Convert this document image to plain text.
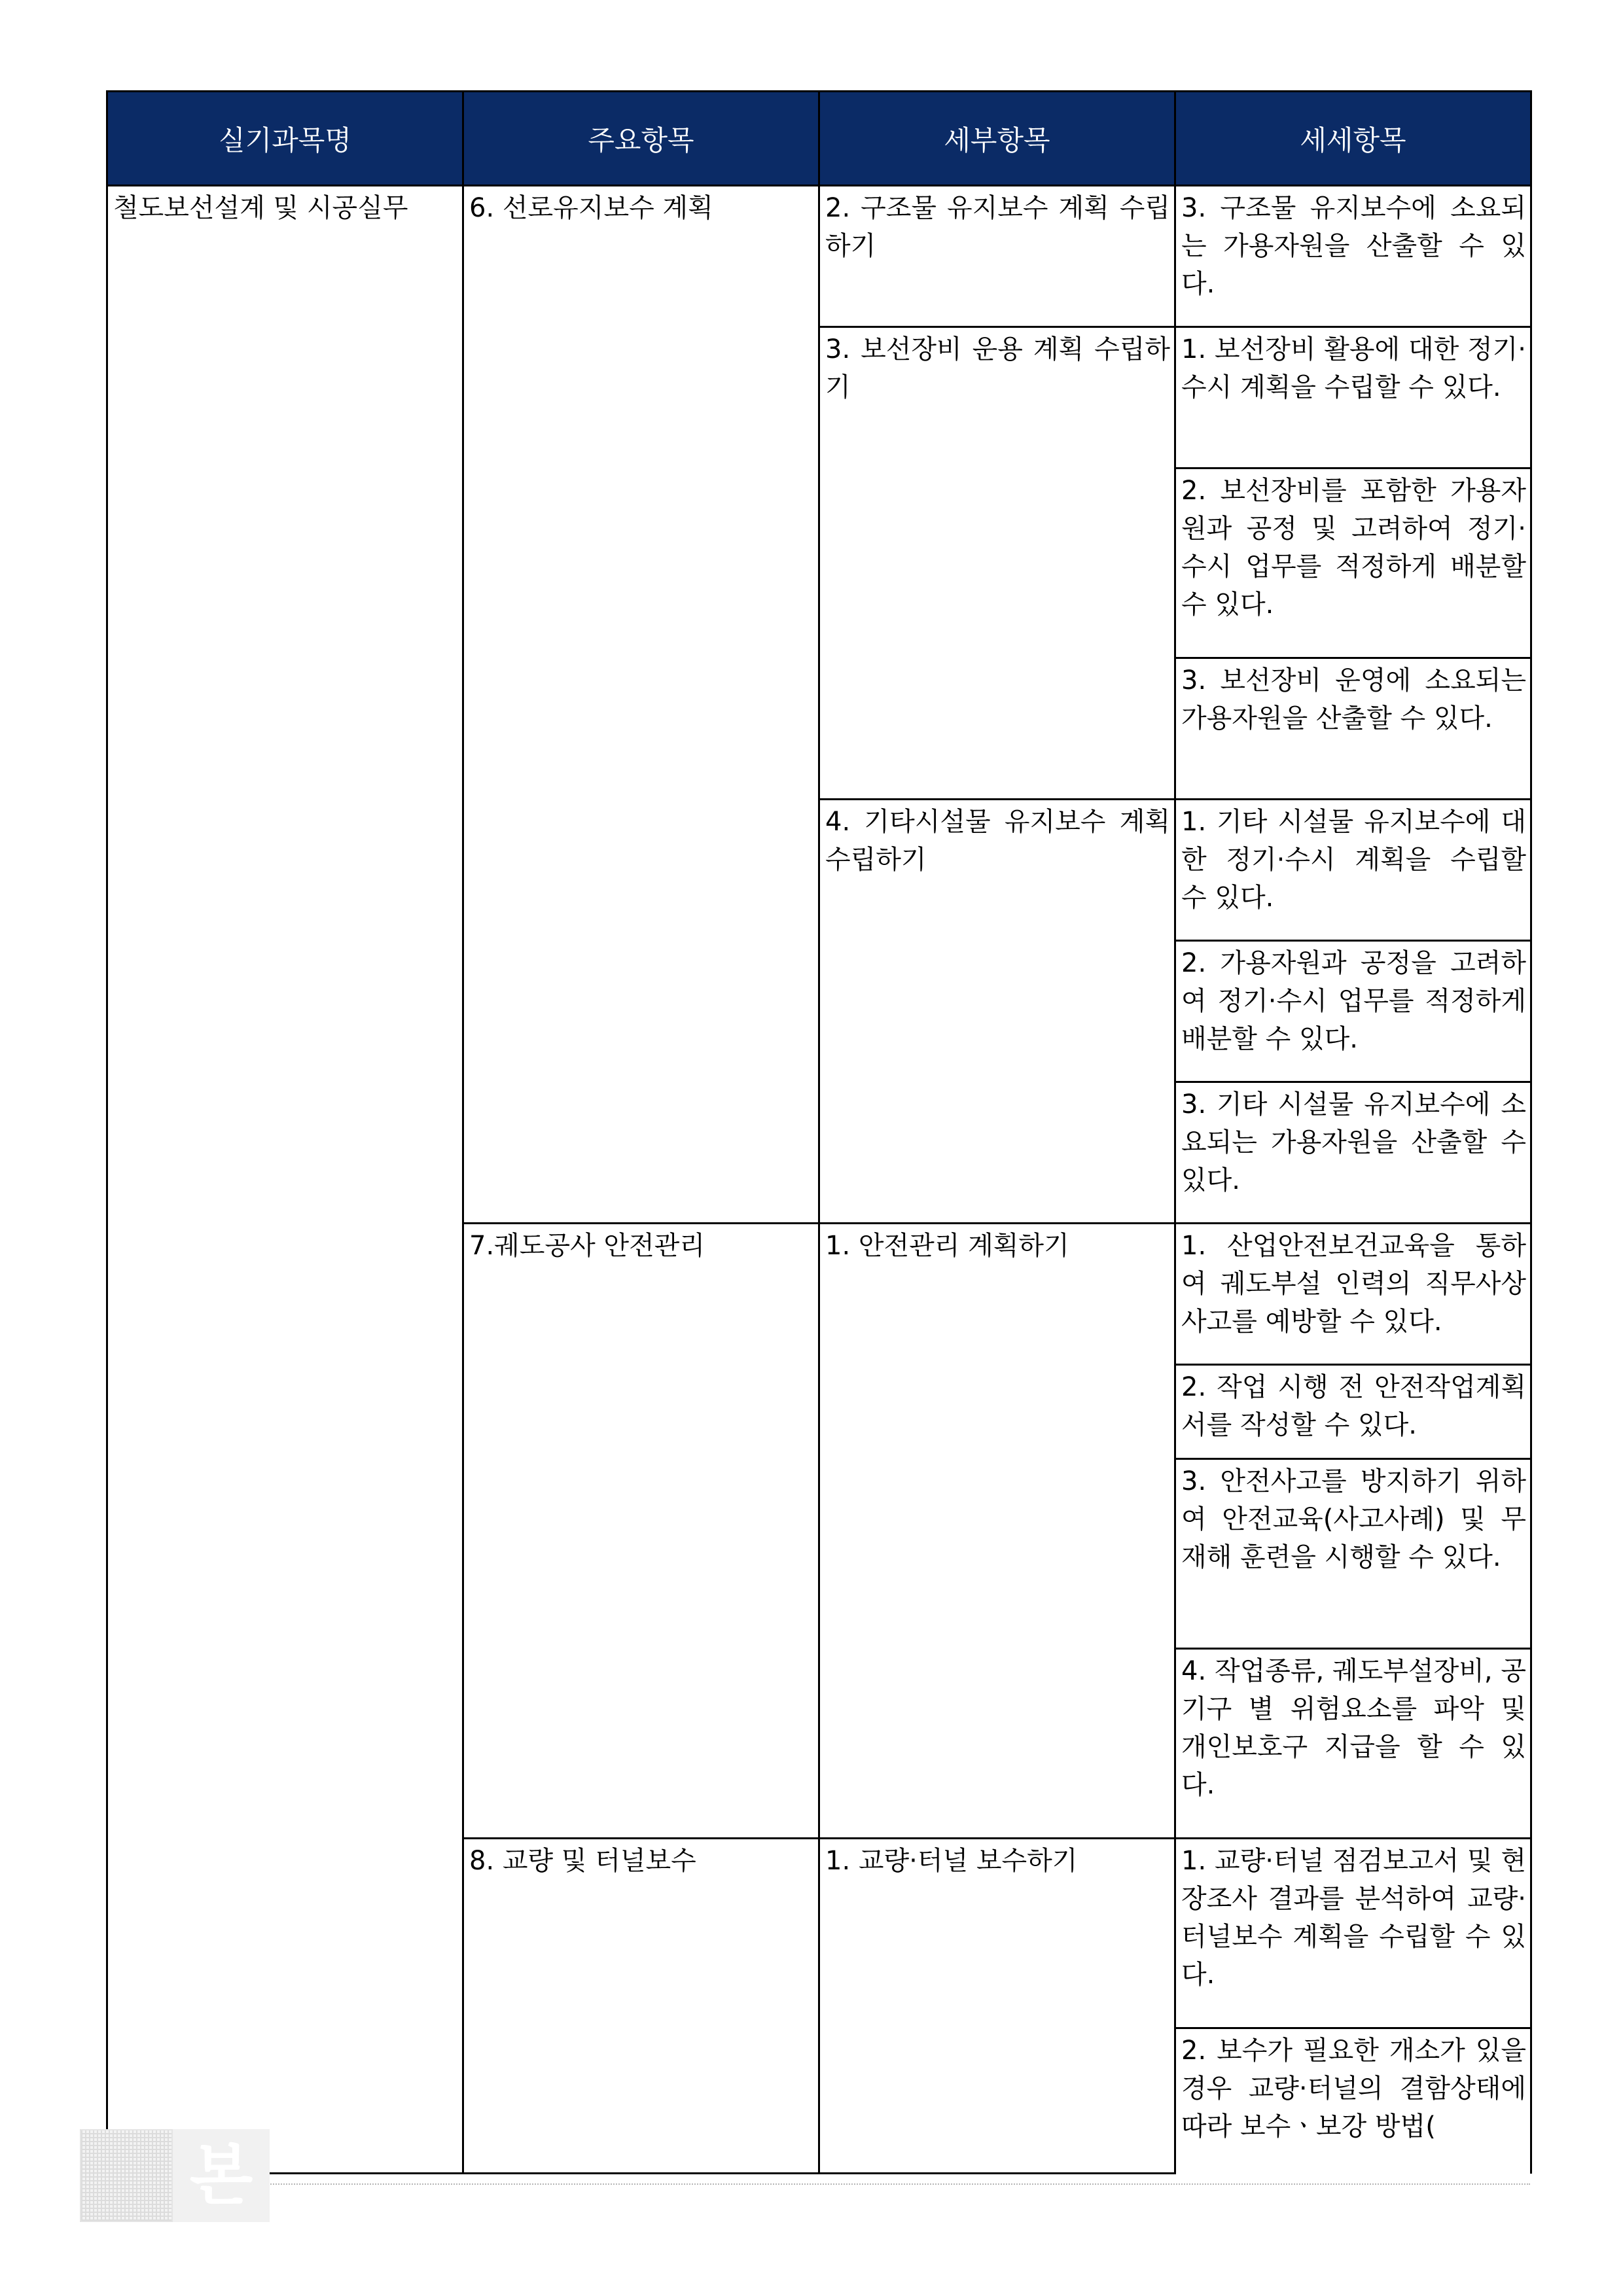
실기과목명	주요항목	세부항목	세세항목
철도보선설계 및 시공실무	6. 선로유지보수 계획	2. 구조물 유지보수 계획 수립하기	3. 구조물 유지보수에 소요되는 가용자원을 산출할 수 있다.
		3. 보선장비 운용 계획 수립하기	1. 보선장비 활용에 대한 정기·수시 계획을 수립할 수 있다.
			2. 보선장비를 포함한 가용자원과 공정 및 고려하여 정기·수시 업무를 적정하게 배분할 수 있다.
			3. 보선장비 운영에 소요되는 가용자원을 산출할 수 있다.
		4. 기타시설물 유지보수 계획 수립하기	1. 기타 시설물 유지보수에 대한 정기·수시 계획을 수립할 수 있다.
			2. 가용자원과 공정을 고려하여 정기·수시 업무를 적정하게 배분할 수 있다.
			3. 기타 시설물 유지보수에 소요되는 가용자원을 산출할 수 있다.
	7.궤도공사 안전관리	1. 안전관리 계획하기	1. 산업안전보건교육을 통하여 궤도부설 인력의 직무사상 사고를 예방할 수 있다.
			2. 작업 시행 전 안전작업계획서를 작성할 수 있다.
			3. 안전사고를 방지하기 위하여 안전교육(사고사례) 및 무재해 훈련을 시행할 수 있다.
			4. 작업종류, 궤도부설장비, 공기구 별 위험요소를 파악 및 개인보호구 지급을 할 수 있다.
	8. 교량 및 터널보수	1. 교량·터널 보수하기	1. 교량·터널 점검보고서 및 현장조사 결과를 분석하여 교량·터널보수 계획을 수립할 수 있다.
			2. 보수가 필요한 개소가 있을 경우 교량·터널의 결함상태에 따라 보수ㆍ보강 방법(
본
